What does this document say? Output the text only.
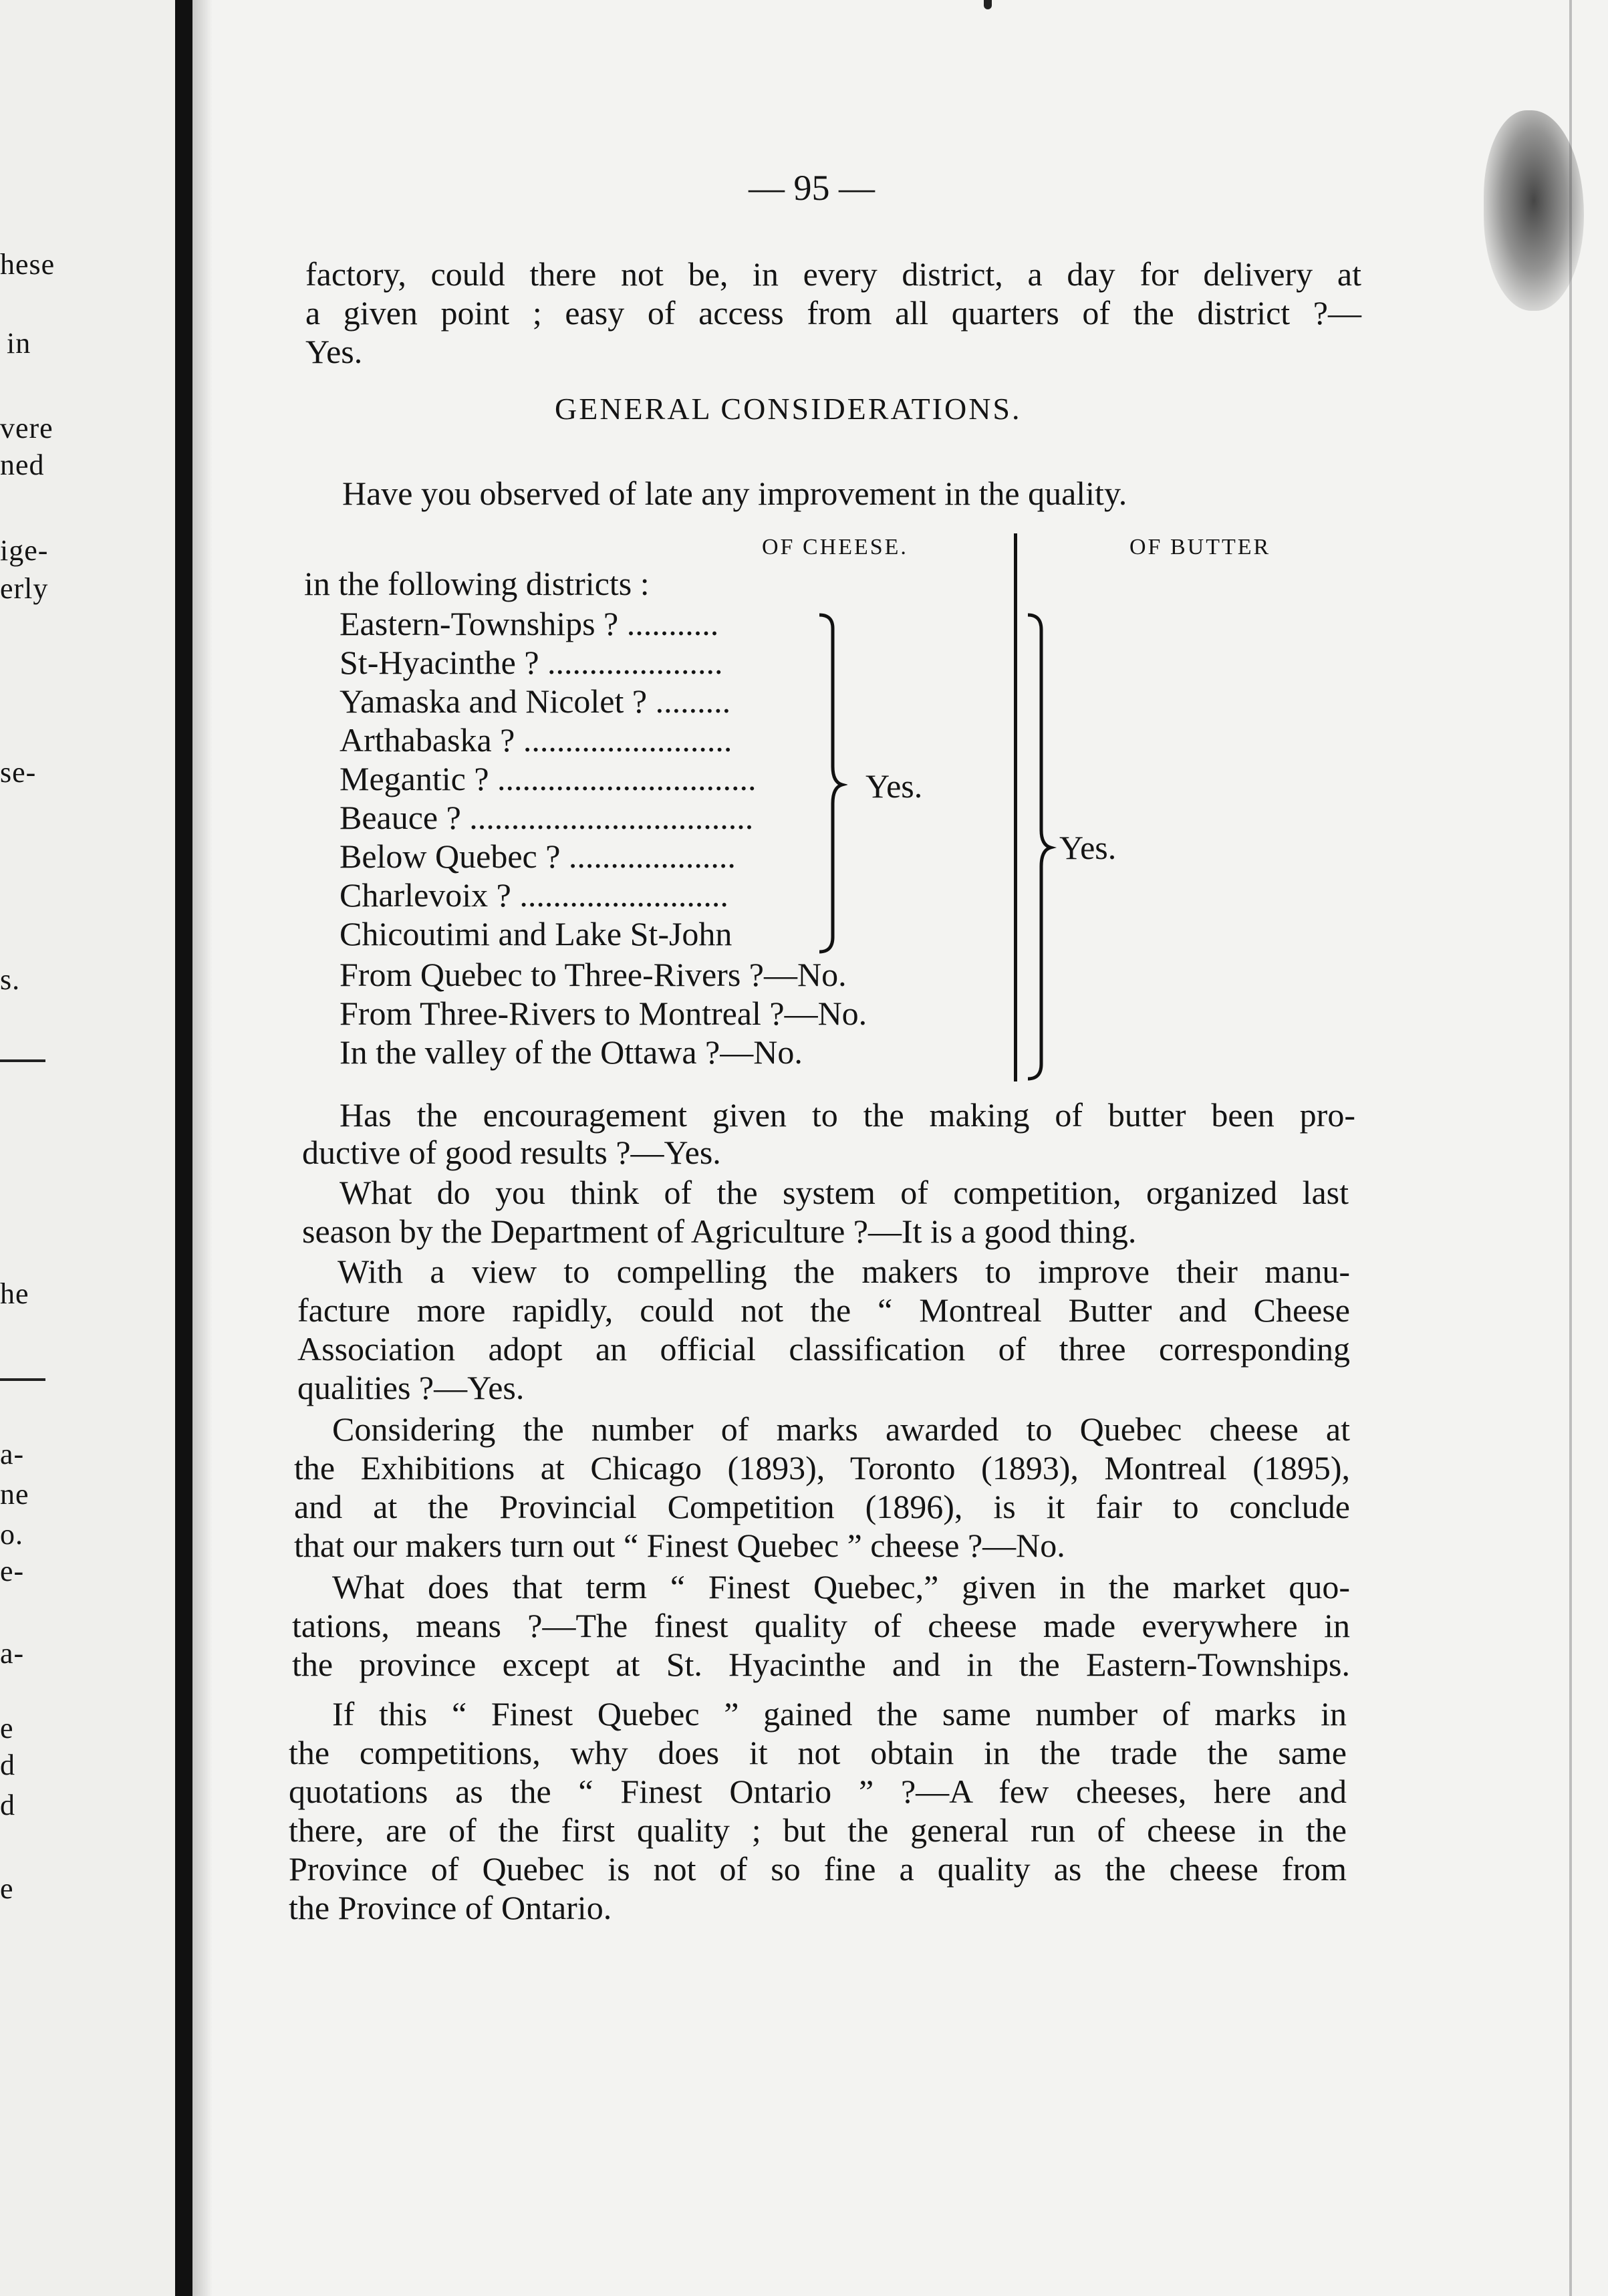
hese
in
vere
ned
ige-
erly
se-
s.
he
a-
ne
o.
e-
a-
e
d
d
e
— 95 —
factory, could there not be, in every district, a day for delivery at
a given point ; easy of access from all quarters of the district ?—
Yes.
GENERAL CONSIDERATIONS.
Have you observed of late any improvement in the quality.
OF CHEESE.	OF BUTTER
in the following districts :
Eastern-Townships ? ...........
St-Hyacinthe ? .....................
Yamaska and Nicolet ? .........
Arthabaska ? .........................
Megantic ? ...............................
Beauce ? ..................................
Below Quebec ? ....................
Charlevoix ? .........................
Chicoutimi and Lake St-John
Yes.
From Quebec to Three-Rivers ?—No.
From Three-Rivers to Montreal ?—No.
In the valley of the Ottawa ?—No.
Yes.
Has the encouragement given to the making of butter been pro-
ductive of good results ?—Yes.
What do you think of the system of competition, organized last
season by the Department of Agriculture ?—It is a good thing.
With a view to compelling the makers to improve their manu-
facture more rapidly, could not the “ Montreal Butter and Cheese
Association adopt an official classification of three corresponding
qualities ?—Yes.
Considering the number of marks awarded to Quebec cheese at
the Exhibitions at Chicago (1893), Toronto (1893), Montreal (1895),
and at the Provincial Competition (1896), is it fair to conclude
that our makers turn out “ Finest Quebec ” cheese ?—No.
What does that term “ Finest Quebec,” given in the market quo-
tations, means ?—The finest quality of cheese made everywhere in
the province except at St. Hyacinthe and in the Eastern-Townships.
If this “ Finest Quebec ” gained the same number of marks in
the competitions, why does it not obtain in the trade the same
quotations as the “ Finest Ontario ” ?—A few cheeses, here and
there, are of the first quality ; but the general run of cheese in the
Province of Quebec is not of so fine a quality as the cheese from
the Province of Ontario.
